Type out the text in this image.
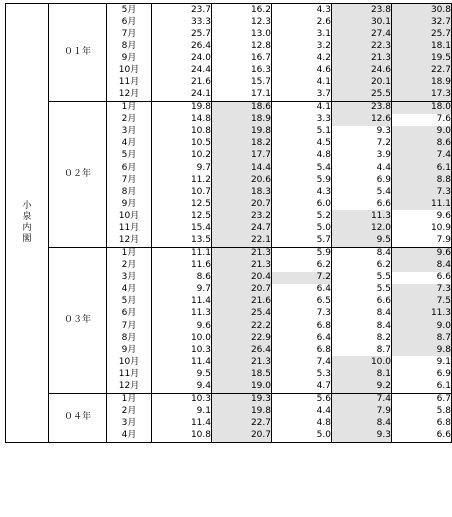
小
泉
内
閣	０１年	5月	23.7	16.2	4.3	23.8	30.8	
		6月	33.3	12.3	2.6	30.1	32.7	
		7月	25.7	13.0	3.1	27.4	25.7	
		8月	26.4	12.8	3.2	22.3	18.1	
		9月	24.0	16.7	4.2	21.3	19.5	
		10月	24.4	16.3	4.6	24.6	22.7	
		11月	21.6	15.7	4.1	20.1	18.9	
		12月	24.1	17.1	3.7	25.5	17.3	
	０２年	1月	19.8	18.6	4.1	23.8	18.0	
		2月	14.8	18.9	3.3	12.6	7.6	
		3月	10.8	19.8	5.1	9.3	9.0	
		4月	10.5	18.2	4.5	7.2	8.6	
		5月	10.2	17.7	4.8	3.9	7.4	
		6月	9.7	14.4	5.4	4.4	6.1	
		7月	11.2	20.6	5.9	6.9	8.8	
		8月	10.7	18.3	4.3	5.4	7.3	
		9月	12.5	20.7	6.0	6.6	11.1	
		10月	12.5	23.2	5.2	11.3	9.6	
		11月	15.4	24.7	5.0	12.0	10.9	
		12月	13.5	22.1	5.7	9.5	7.9	
	０３年	1月	11.1	21.3	5.9	8.4	9.6	
		2月	11.6	21.3	6.2	6.2	8.4	
		3月	8.6	20.4	7.2	5.5	6.6	
		4月	9.7	20.7	6.4	5.5	7.3	
		5月	11.4	21.6	6.5	6.6	7.5	
		6月	11.3	25.4	7.3	8.4	11.3	
		7月	9.6	22.2	6.8	8.4	9.0	
		8月	10.0	22.9	6.4	8.2	8.7	
		9月	10.3	26.4	6.8	8.7	9.8	
		10月	11.4	21.3	7.4	10.0	9.1	
		11月	9.5	18.5	5.3	8.1	6.9	
		12月	9.4	19.0	4.7	9.2	6.1	
	０４年	1月	10.3	19.3	5.6	7.4	6.7	
		2月	9.1	19.8	4.4	7.9	5.8	
		3月	11.4	22.7	4.8	8.4	6.8	
		4月	10.8	20.7	5.0	9.3	6.6	
